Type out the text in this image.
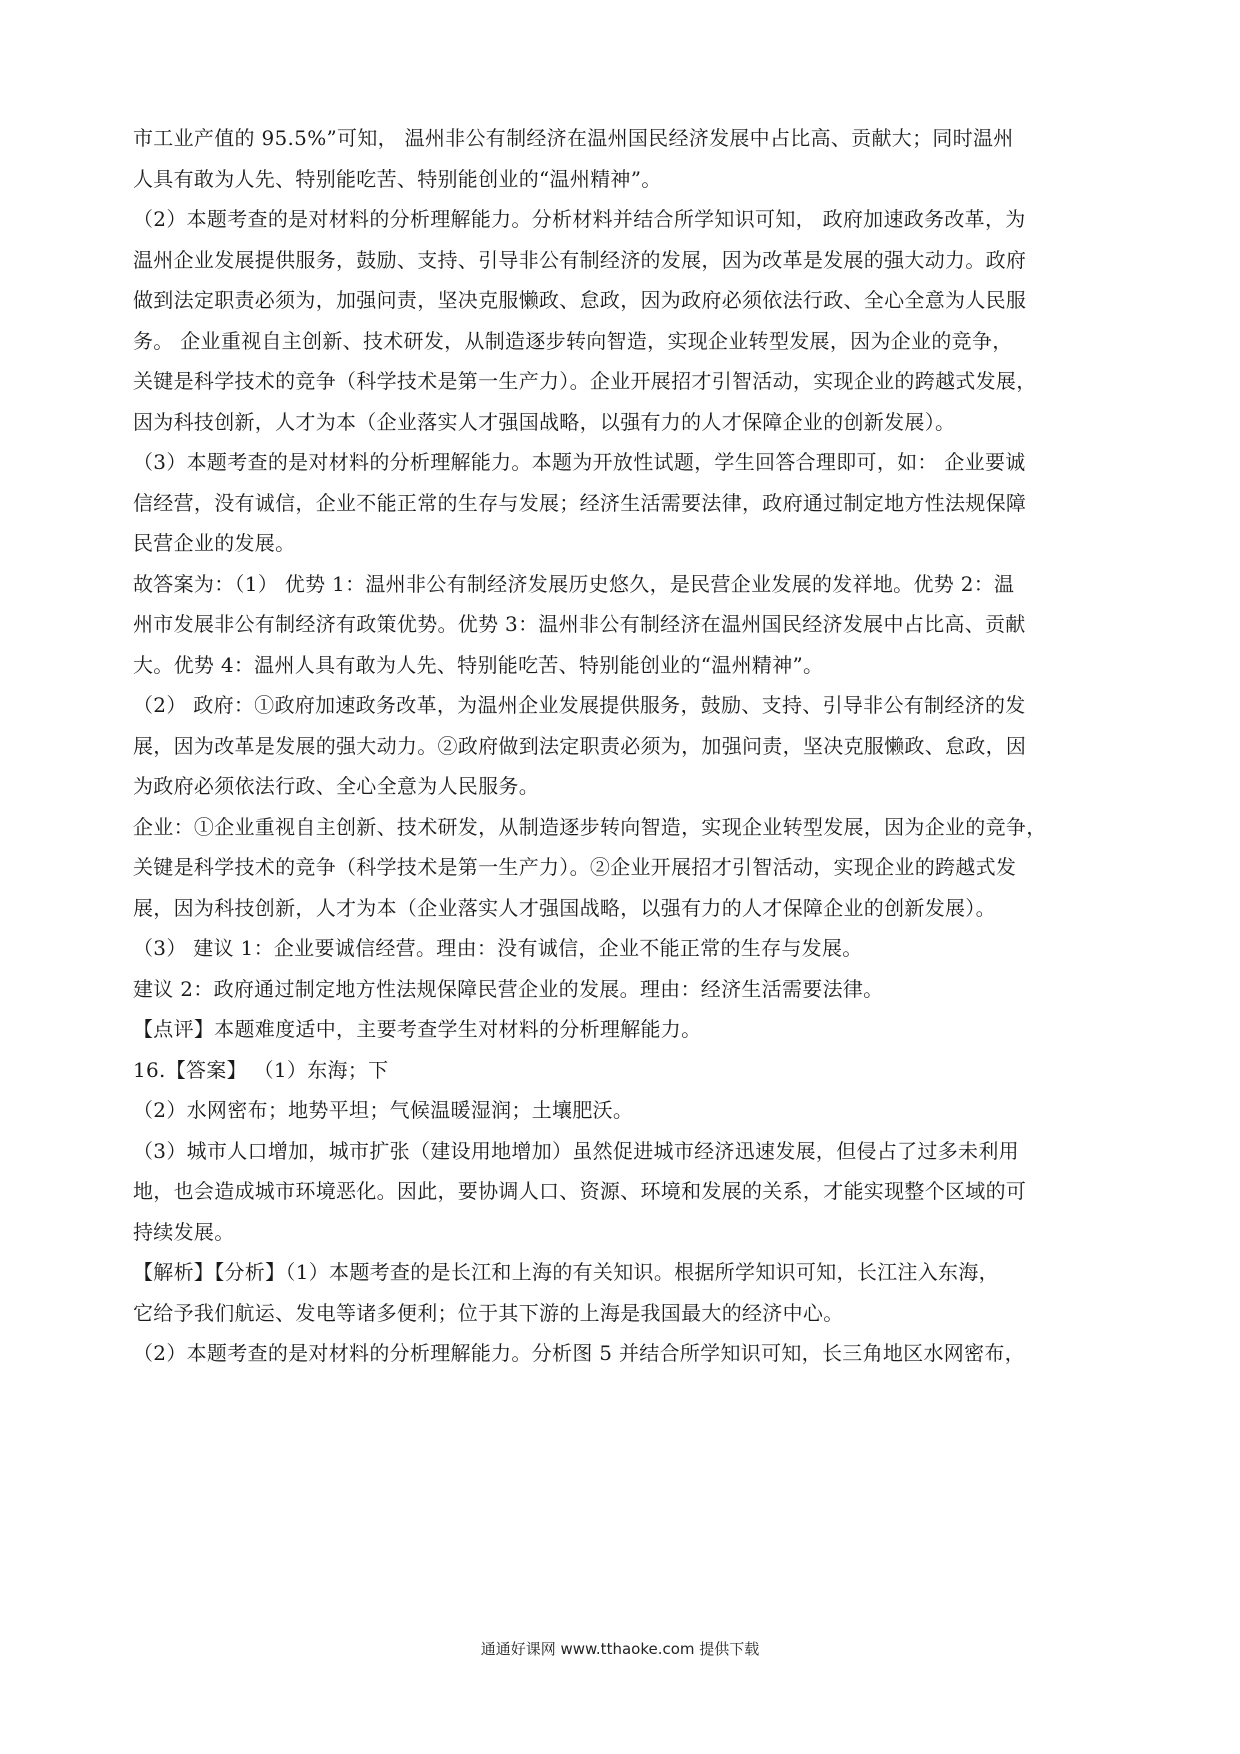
市工业产值的 95.5%”可知， 温州非公有制经济在温州国民经济发展中占比高、贡献大；同时温州
人具有敢为人先、特别能吃苦、特别能创业的“温州精神”。
（2）本题考查的是对材料的分析理解能力。分析材料并结合所学知识可知， 政府加速政务改革，为
温州企业发展提供服务，鼓励、支持、引导非公有制经济的发展，因为改革是发展的强大动力。政府
做到法定职责必须为，加强问责，坚决克服懒政、怠政，因为政府必须依法行政、全心全意为人民服
务。 企业重视自主创新、技术研发，从制造逐步转向智造，实现企业转型发展，因为企业的竞争，
关键是科学技术的竞争（科学技术是第一生产力）。企业开展招才引智活动，实现企业的跨越式发展，
因为科技创新，人才为本（企业落实人才强国战略，以强有力的人才保障企业的创新发展）。
（3）本题考查的是对材料的分析理解能力。本题为开放性试题，学生回答合理即可，如： 企业要诚
信经营，没有诚信，企业不能正常的生存与发展；经济生活需要法律，政府通过制定地方性法规保障
民营企业的发展。
故答案为：（1） 优势 1：温州非公有制经济发展历史悠久，是民营企业发展的发祥地。优势 2：温
州市发展非公有制经济有政策优势。优势 3：温州非公有制经济在温州国民经济发展中占比高、贡献
大。优势 4：温州人具有敢为人先、特别能吃苦、特别能创业的“温州精神”。
（2） 政府：①政府加速政务改革，为温州企业发展提供服务，鼓励、支持、引导非公有制经济的发
展，因为改革是发展的强大动力。②政府做到法定职责必须为，加强问责，坚决克服懒政、怠政，因
为政府必须依法行政、全心全意为人民服务。
企业：①企业重视自主创新、技术研发，从制造逐步转向智造，实现企业转型发展，因为企业的竞争，
关键是科学技术的竞争（科学技术是第一生产力）。②企业开展招才引智活动，实现企业的跨越式发
展，因为科技创新，人才为本（企业落实人才强国战略，以强有力的人才保障企业的创新发展）。
（3） 建议 1：企业要诚信经营。理由：没有诚信，企业不能正常的生存与发展。
建议 2：政府通过制定地方性法规保障民营企业的发展。理由：经济生活需要法律。
【点评】本题难度适中，主要考查学生对材料的分析理解能力。
16.【答案】 （1）东海；下
（2）水网密布；地势平坦；气候温暖湿润；土壤肥沃。
（3）城市人口增加，城市扩张（建设用地增加）虽然促进城市经济迅速发展，但侵占了过多未利用
地，也会造成城市环境恶化。因此，要协调人口、资源、环境和发展的关系，才能实现整个区域的可
持续发展。
【解析】【分析】（1）本题考查的是长江和上海的有关知识。根据所学知识可知，长江注入东海，
它给予我们航运、发电等诸多便利；位于其下游的上海是我国最大的经济中心。
（2）本题考查的是对材料的分析理解能力。分析图 5 并结合所学知识可知，长三角地区水网密布，
通通好课网 www.tthaoke.com 提供下载
